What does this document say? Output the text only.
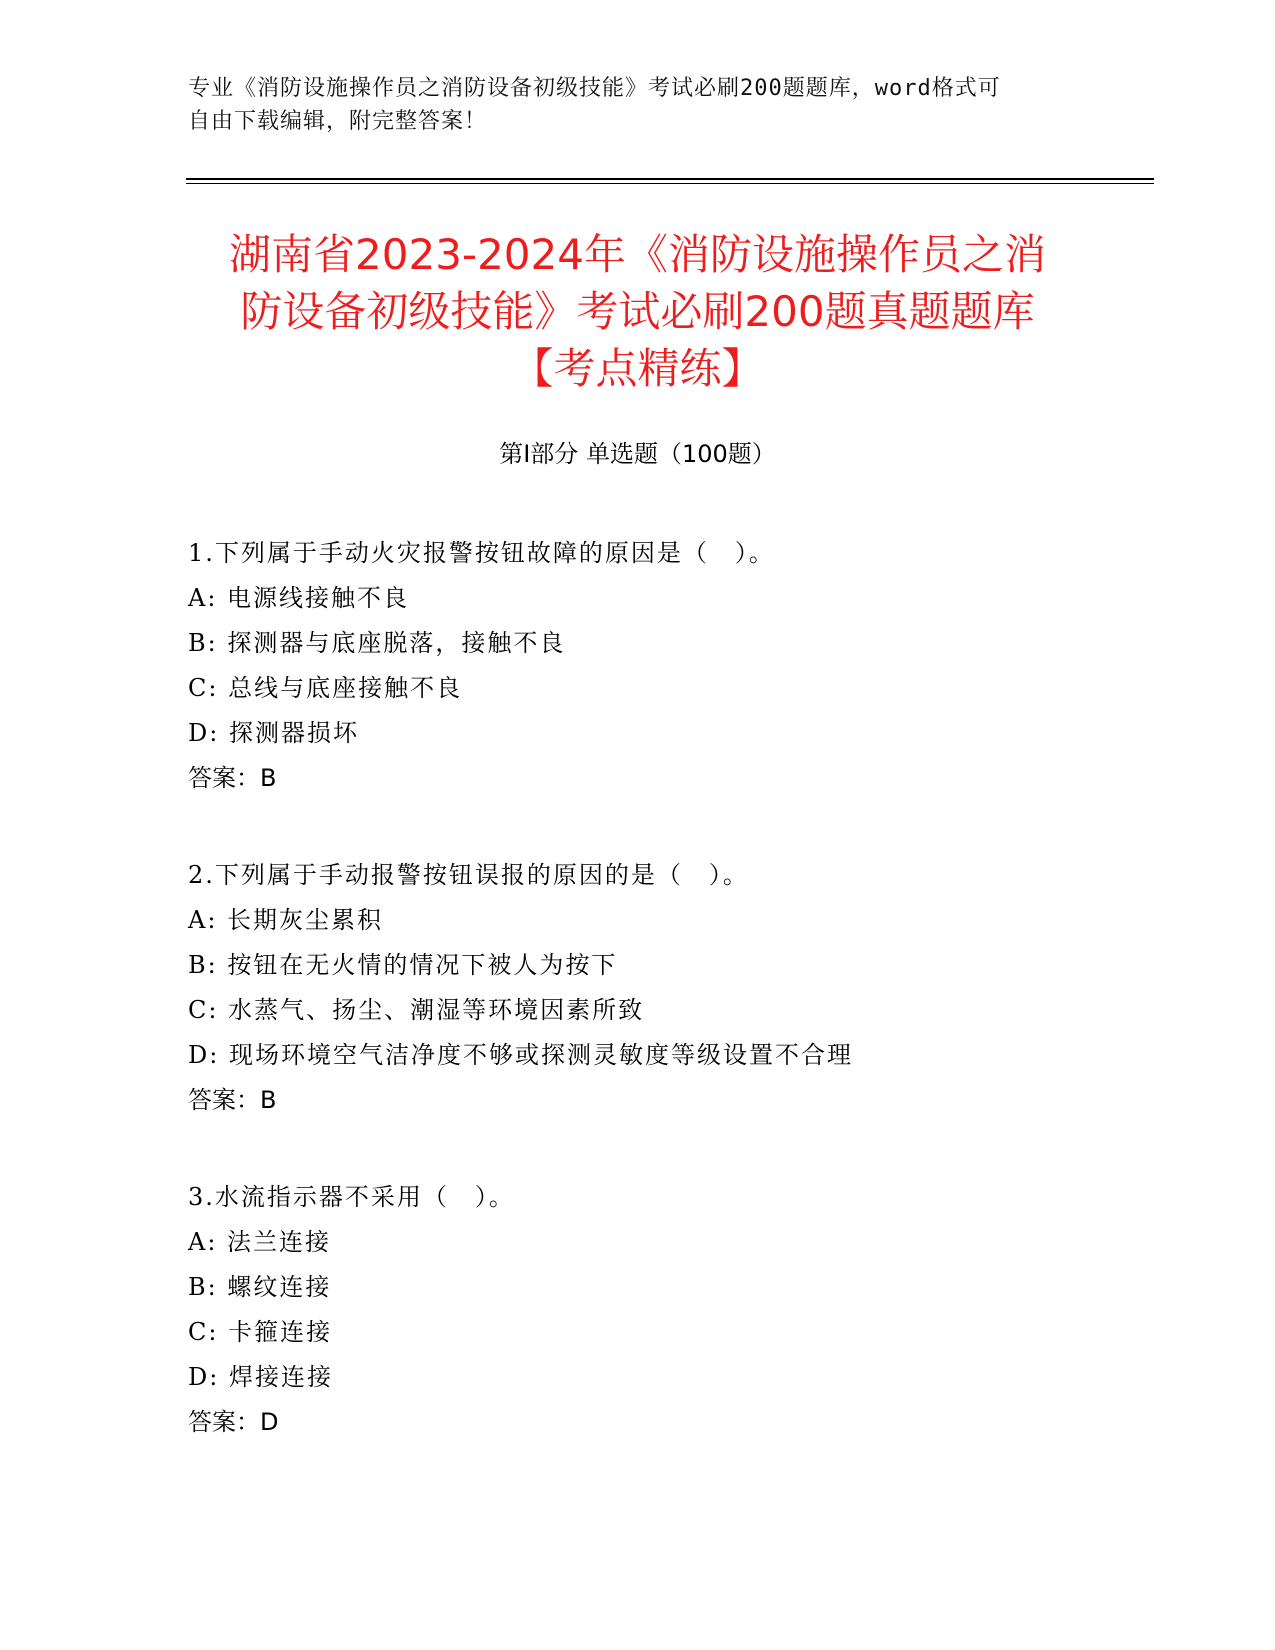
专业《消防设施操作员之消防设备初级技能》考试必刷200题题库，word格式可
自由下载编辑，附完整答案！
湖南省2023-2024年《消防设施操作员之消
防设备初级技能》考试必刷200题真题题库
【考点精练】
第I部分 单选题（100题）
1.下列属于手动火灾报警按钮故障的原因是（　）。
A: 电源线接触不良
B: 探测器与底座脱落，接触不良
C: 总线与底座接触不良
D: 探测器损坏
答案：B
2.下列属于手动报警按钮误报的原因的是（　）。
A: 长期灰尘累积
B: 按钮在无火情的情况下被人为按下
C: 水蒸气、扬尘、潮湿等环境因素所致
D: 现场环境空气洁净度不够或探测灵敏度等级设置不合理
答案：B
3.水流指示器不采用（　）。
A: 法兰连接
B: 螺纹连接
C: 卡箍连接
D: 焊接连接
答案：D
